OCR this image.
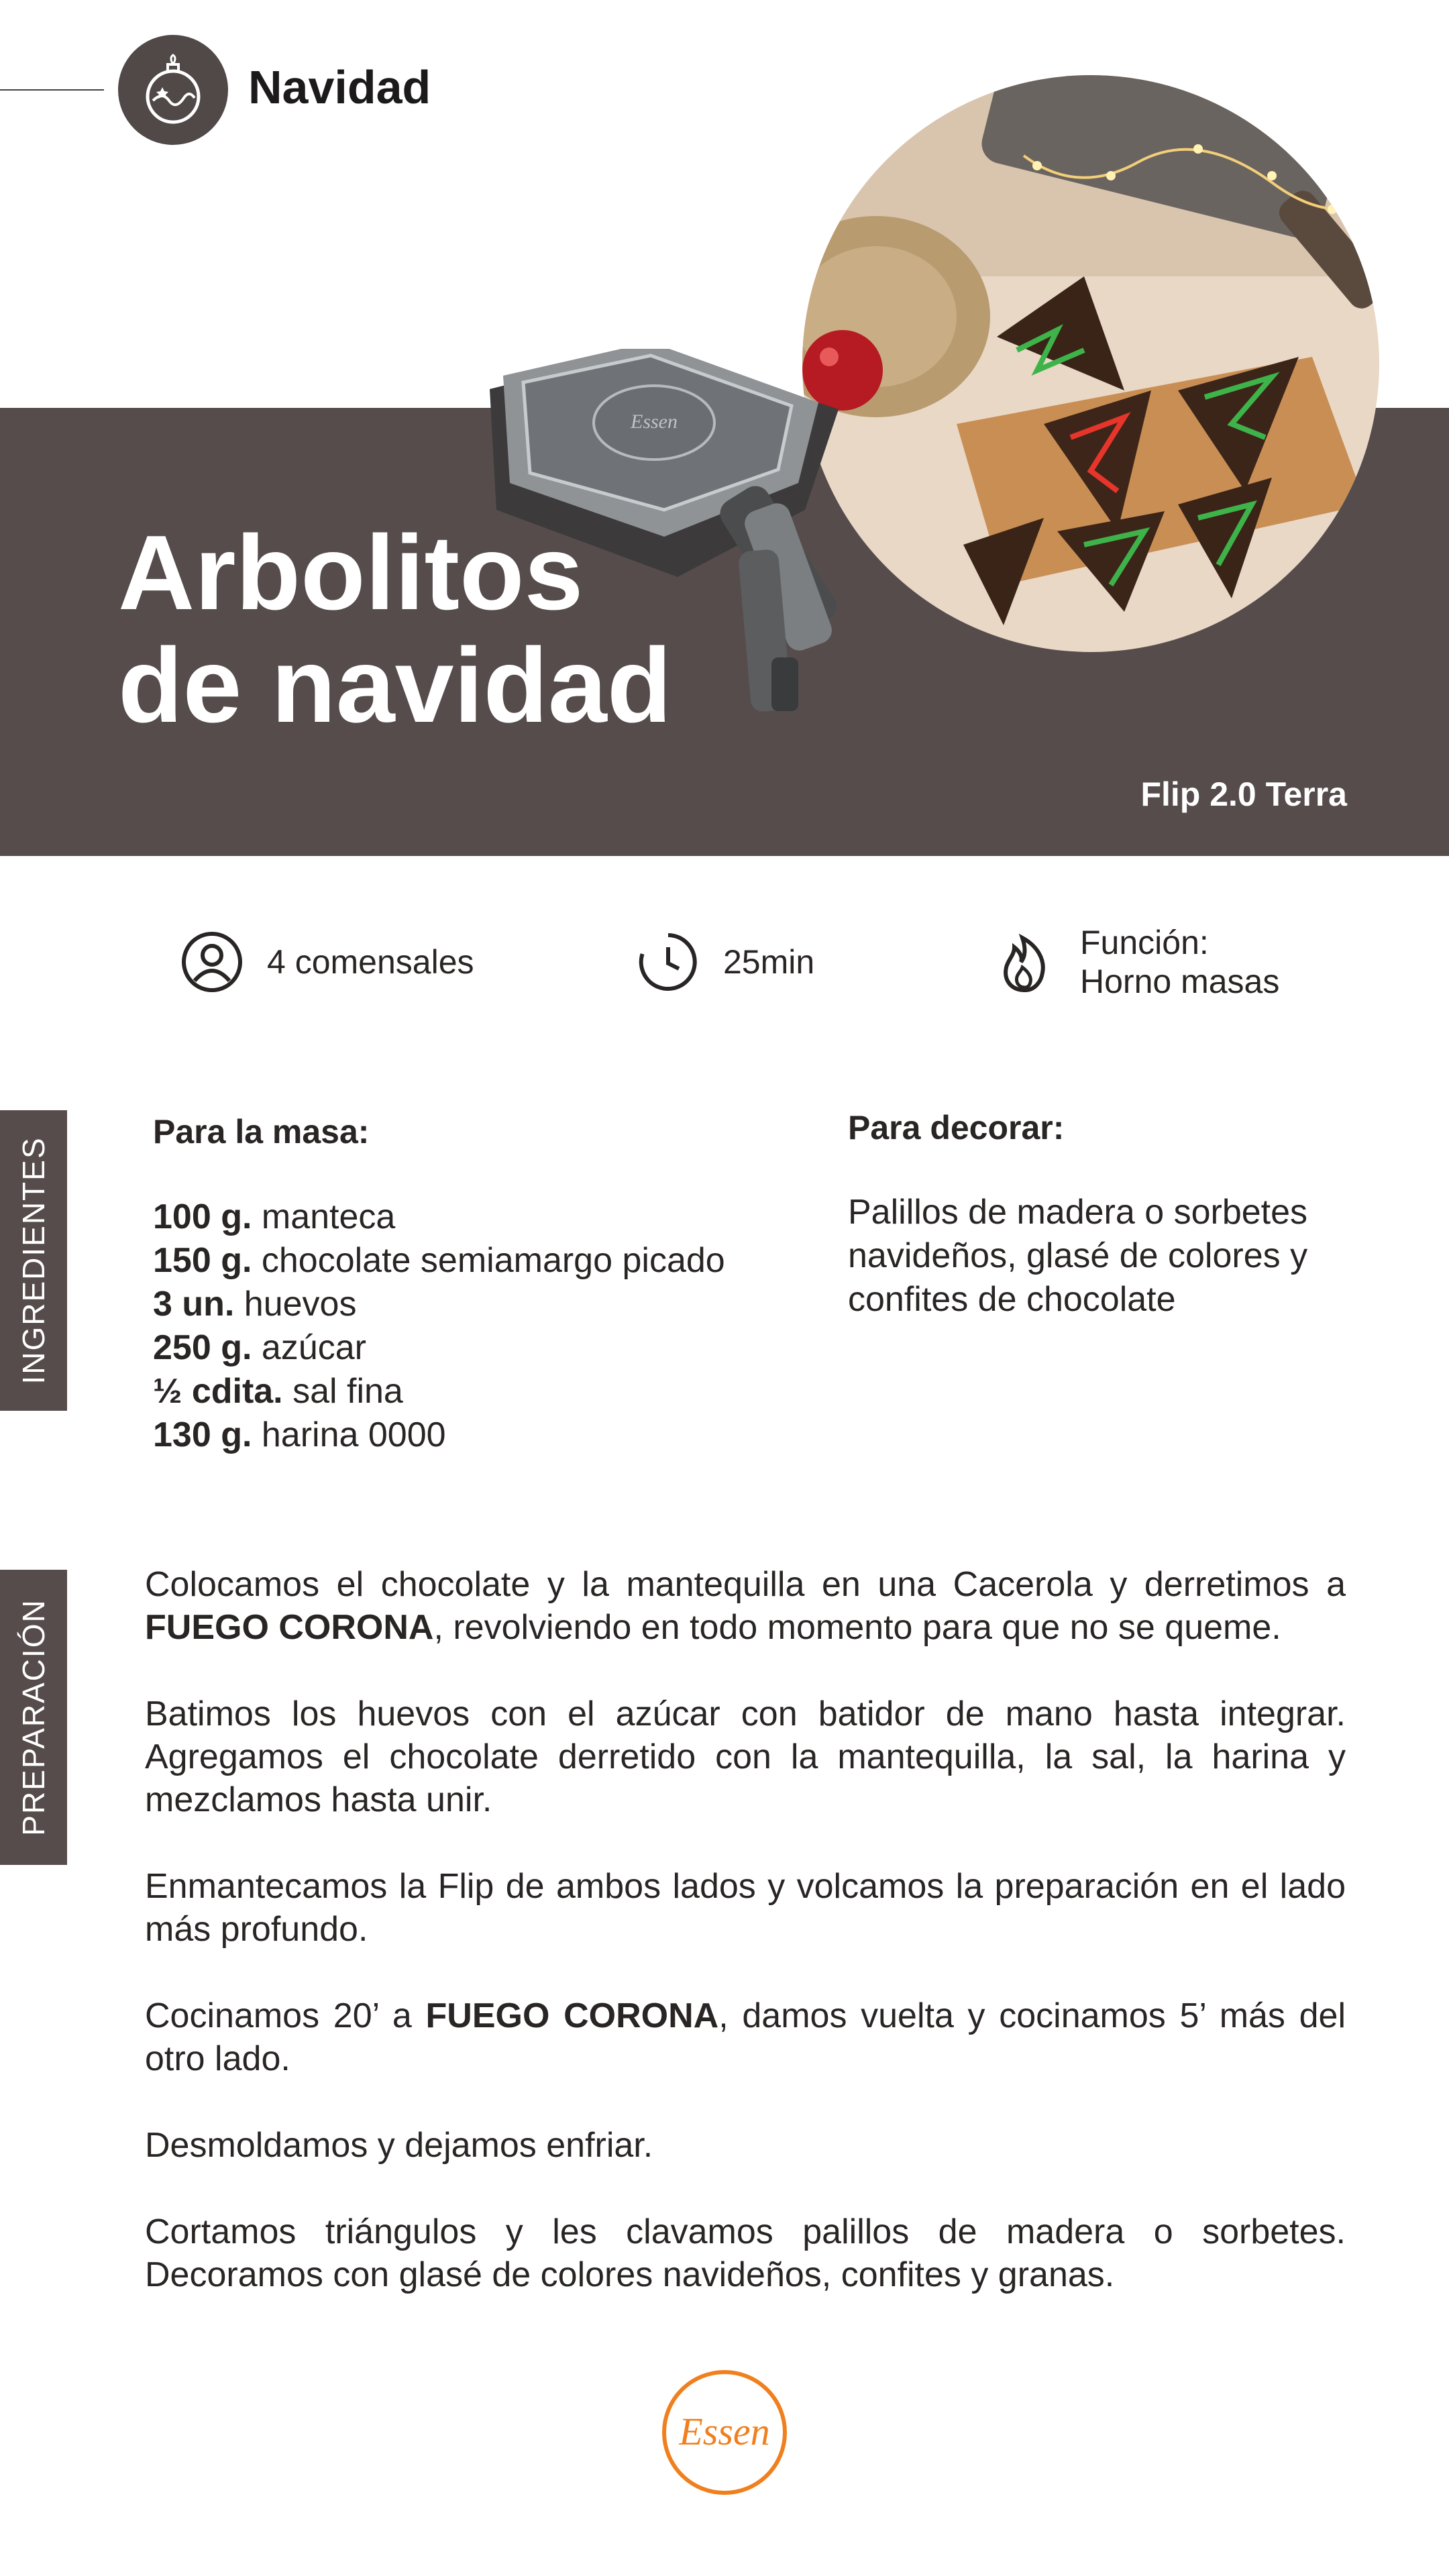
Navidad
Essen
Arbolitos
de navidad
Flip 2.0 Terra
4 comensales	25min
Función:
Horno masas
INGREDIENTES
Para la masa:
100 g. manteca
150 g. chocolate semiamargo picado
3 un. huevos
250 g. azúcar
½ cdita. sal fina
130 g. harina 0000
Para decorar:
Palillos de madera o sorbetes navideños, glasé de colores y confites de chocolate
PREPARACIÓN

Colocamos el chocolate y la mantequilla en una Cacerola y derretimos a FUEGO CORONA, revolviendo en todo momento para que no se queme.

Batimos los huevos con el azúcar con batidor de mano hasta integrar. Agregamos el chocolate derretido con la mantequilla, la sal, la harina y mezclamos hasta unir.

Enmantecamos la Flip de ambos lados y volcamos la preparación en el lado más profundo.

Cocinamos 20’ a FUEGO CORONA, damos vuelta y cocinamos 5’ más del otro lado.

Desmoldamos y dejamos enfriar.

Cortamos triángulos y les clavamos palillos de madera o sorbetes. Decoramos con glasé de colores navideños, confites y granas.

Essen
